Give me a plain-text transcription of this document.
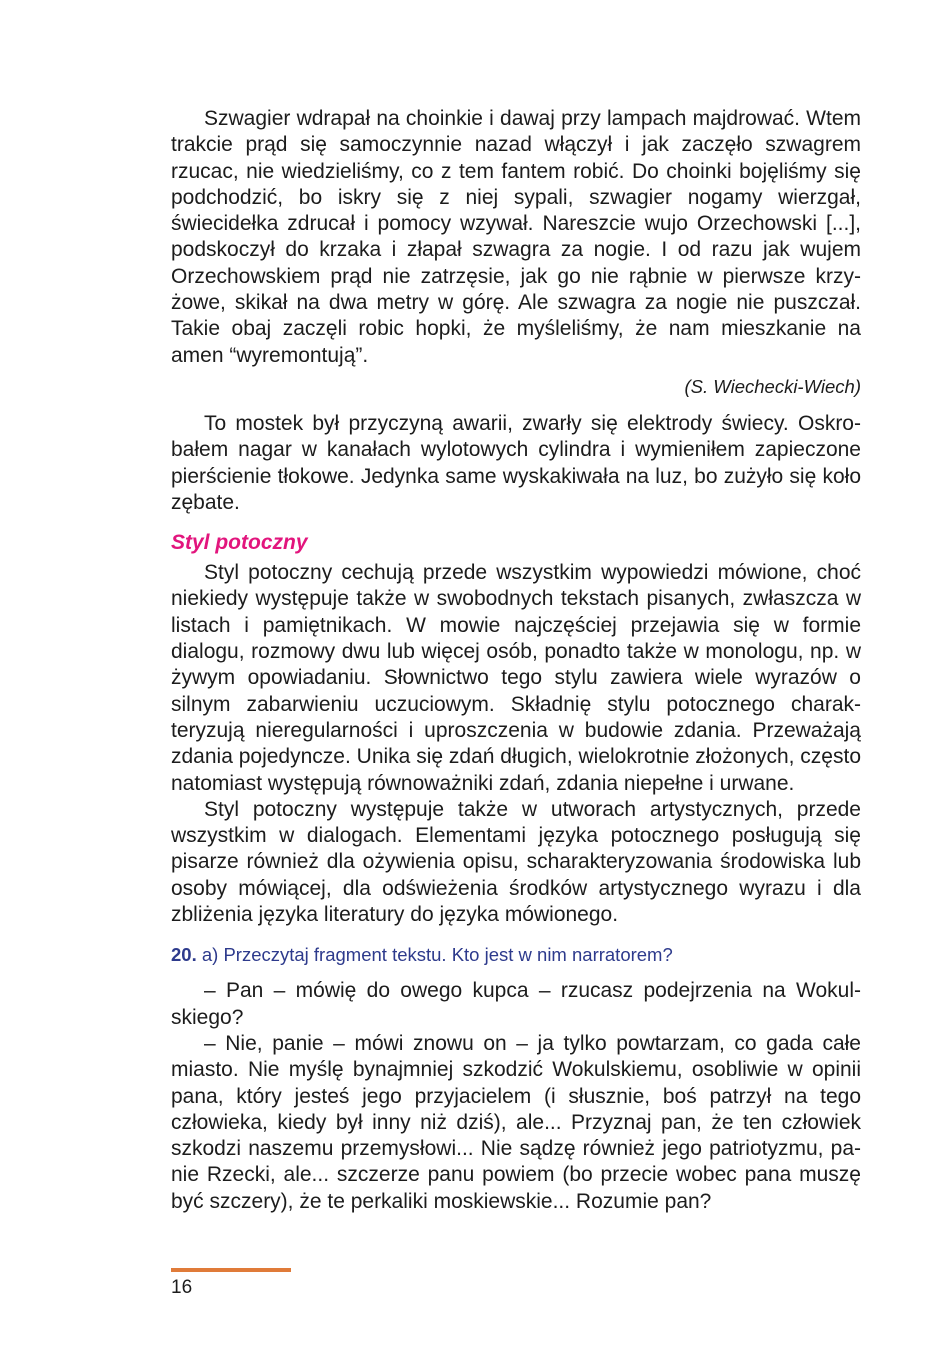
Szwagier wdrapał na choinkie i dawaj przy lampach majdrować. Wtem trakcie prąd się samoczynnie nazad włączył i jak zaczęło szwagrem rzucac, nie wiedzieliśmy, co z tem fantem robić. Do choinki bojęliśmy się podchodzić, bo iskry się z niej sypali, szwagier nogamy wierzgał, świecidełka zdrucał i pomocy wzywał. Nareszcie wujo Orzechowski [...], podskoczył do krzaka i złapał szwagra za nogie. I od razu jak wujem Orzechowskiem prąd nie zatrzęsie, jak go nie rąbnie w pierwsze krzyżowe, skikał na dwa metry w górę. Ale szwagra za nogie nie puszczał. Takie obaj zaczęli robic hopki, że myśleliśmy, że nam mieszkanie na amen “wyremontują”.

(S. Wiechecki-Wiech)

To mostek był przyczyną awarii, zwarły się elektrody świecy. Oskrobałem nagar w kanałach wylotowych cylindra i wymieniłem zapieczone pierścienie tłokowe. Jedynka same wyskakiwała na luz, bo zużyło się koło zębate.

Styl potoczny

Styl potoczny cechują przede wszystkim wypowiedzi mówione, choć niekiedy występuje także w swobodnych tekstach pisanych, zwłaszcza w listach i pamiętnikach. W mowie najczęściej przejawia się w formie dialogu, rozmowy dwu lub więcej osób, ponadto także w monologu, np. w żywym opowiadaniu. Słownictwo tego stylu zawiera wiele wyrazów o silnym zabarwieniu uczuciowym. Składnię stylu potocznego charakteryzują nieregularności i uproszczenia w budowie zdania. Przeważają zdania pojedyncze. Unika się zdań długich, wielokrotnie złożonych, często natomiast występują równoważniki zdań, zdania niepełne i urwane.

Styl potoczny występuje także w utworach artystycznych, przede wszystkim w dialogach. Elementami języka potocznego posługują się pisarze również dla ożywienia opisu, scharakteryzowania środowiska lub osoby mówiącej, dla odświeżenia środków artystycznego wyrazu i dla zbliżenia języka literatury do języka mówionego.

20. a) Przeczytaj fragment tekstu. Kto jest w nim narratorem?

– Pan – mówię do owego kupca – rzucasz podejrzenia na Wokulskiego?

– Nie, panie – mówi znowu on – ja tylko powtarzam, co gada całe miasto. Nie myślę bynajmniej szkodzić Wokulskiemu, osobliwie w opinii pana, który jesteś jego przyjacielem (i słusznie, boś patrzył na tego człowieka, kiedy był inny niż dziś), ale... Przyznaj pan, że ten człowiek szkodzi naszemu przemysłowi... Nie sądzę również jego patriotyzmu, panie Rzecki, ale... szczerze panu powiem (bo przecie wobec pana muszę być szczery), że te perkaliki moskiewskie... Rozumie pan?

16
